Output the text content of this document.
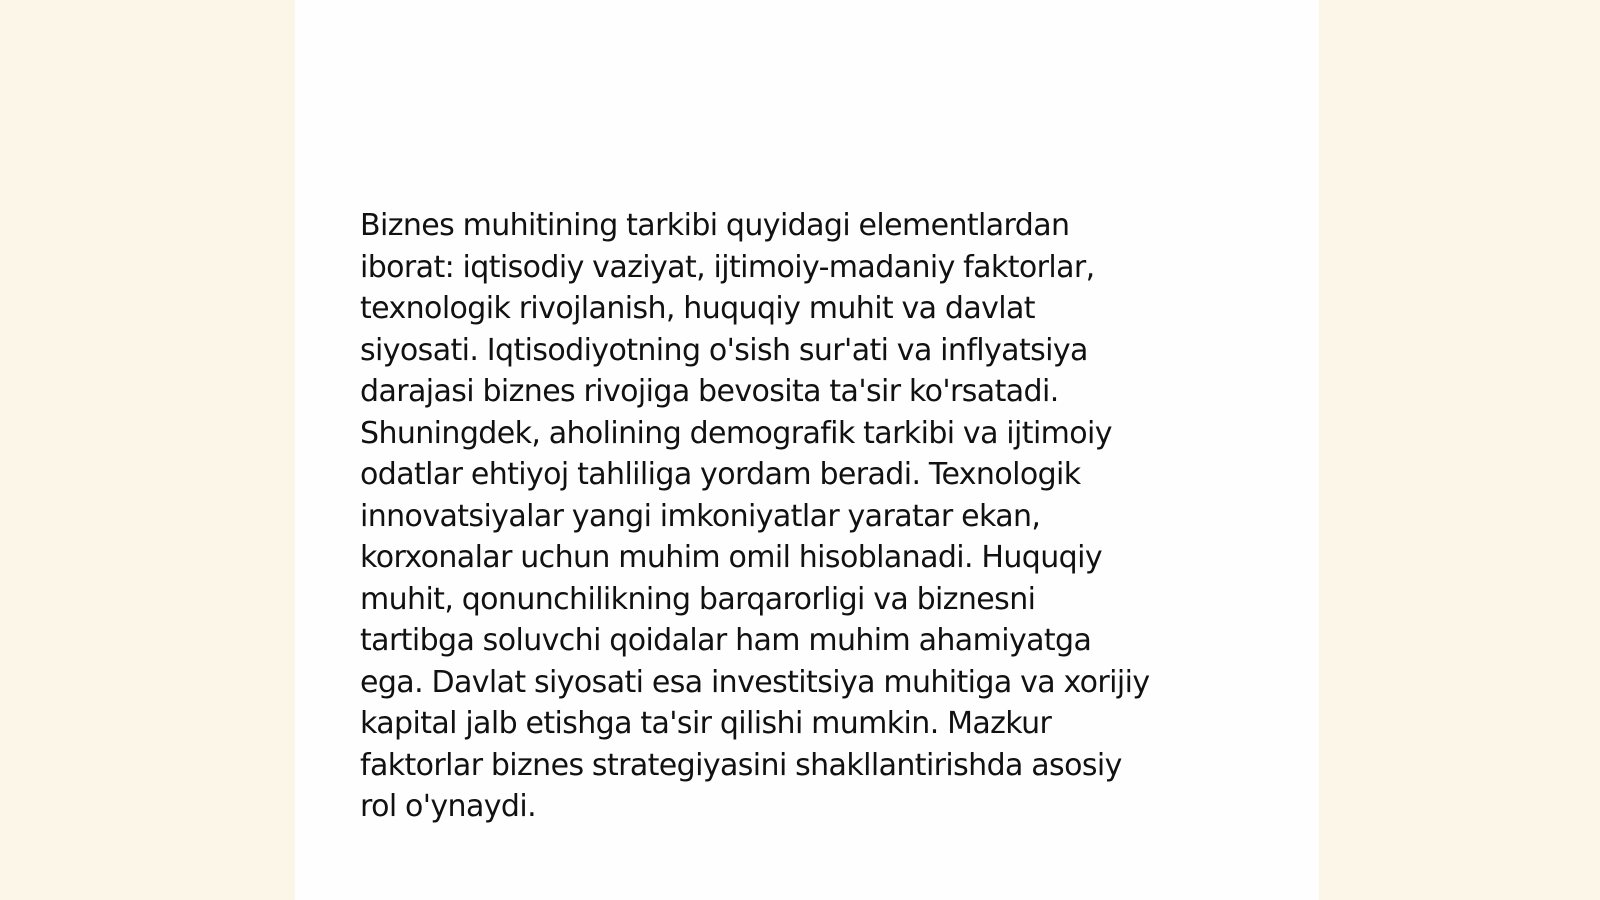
Biznes muhitining tarkibi quyidagi elementlardan
iborat: iqtisodiy vaziyat, ijtimoiy-madaniy faktorlar,
texnologik rivojlanish, huquqiy muhit va davlat
siyosati. Iqtisodiyotning o'sish sur'ati va inflyatsiya
darajasi biznes rivojiga bevosita ta'sir ko'rsatadi.
Shuningdek, aholining demografik tarkibi va ijtimoiy
odatlar ehtiyoj tahliliga yordam beradi. Texnologik
innovatsiyalar yangi imkoniyatlar yaratar ekan,
korxonalar uchun muhim omil hisoblanadi. Huquqiy
muhit, qonunchilikning barqarorligi va biznesni
tartibga soluvchi qoidalar ham muhim ahamiyatga
ega. Davlat siyosati esa investitsiya muhitiga va xorijiy
kapital jalb etishga ta'sir qilishi mumkin. Mazkur
faktorlar biznes strategiyasini shakllantirishda asosiy
rol o'ynaydi.
